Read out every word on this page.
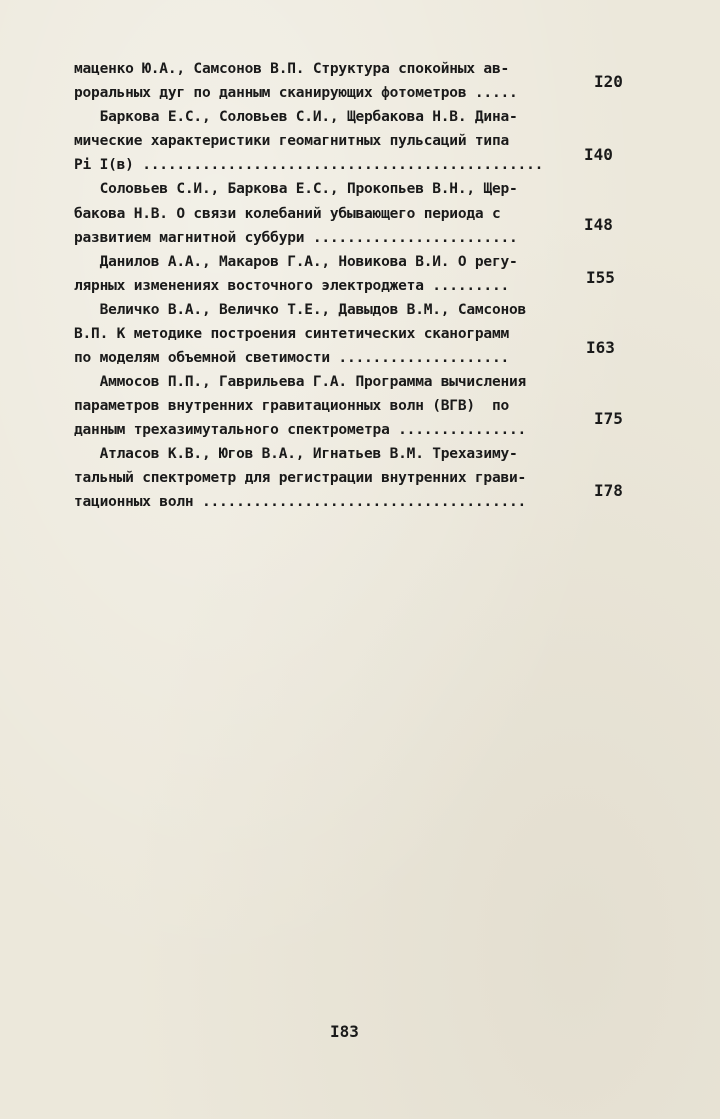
маценко Ю.А., Самсонов В.П. Структура спокойных ав-
роральных дуг по данным сканирующих фотометров .....
I20
Баркова Е.С., Соловьев С.И., Щербакова Н.В. Дина-
мические характеристики геомагнитных пульсаций типа
Pi I(в) ...............................................
I40
Соловьев С.И., Баркова Е.С., Прокопьев В.Н., Щер-
бакова Н.В. О связи колебаний убывающего периода с
развитием магнитной суббури ........................
I48
Данилов А.А., Макаров Г.А., Новикова В.И. О регу-
лярных изменениях восточного электроджета .........	I55
Величко В.А., Величко Т.Е., Давыдов В.М., Самсонов
В.П. К методике построения синтетических сканограмм
по моделям объемной светимости ....................
I63
Аммосов П.П., Гаврильева Г.А. Программа вычисления
параметров внутренних гравитационных волн (ВГВ)  по
данным трехазимутального спектрометра ...............
I75
Атласов К.В., Югов В.А., Игнатьев В.М. Трехазиму-
тальный спектрометр для регистрации внутренних грави-
тационных волн ......................................
I78
I83
